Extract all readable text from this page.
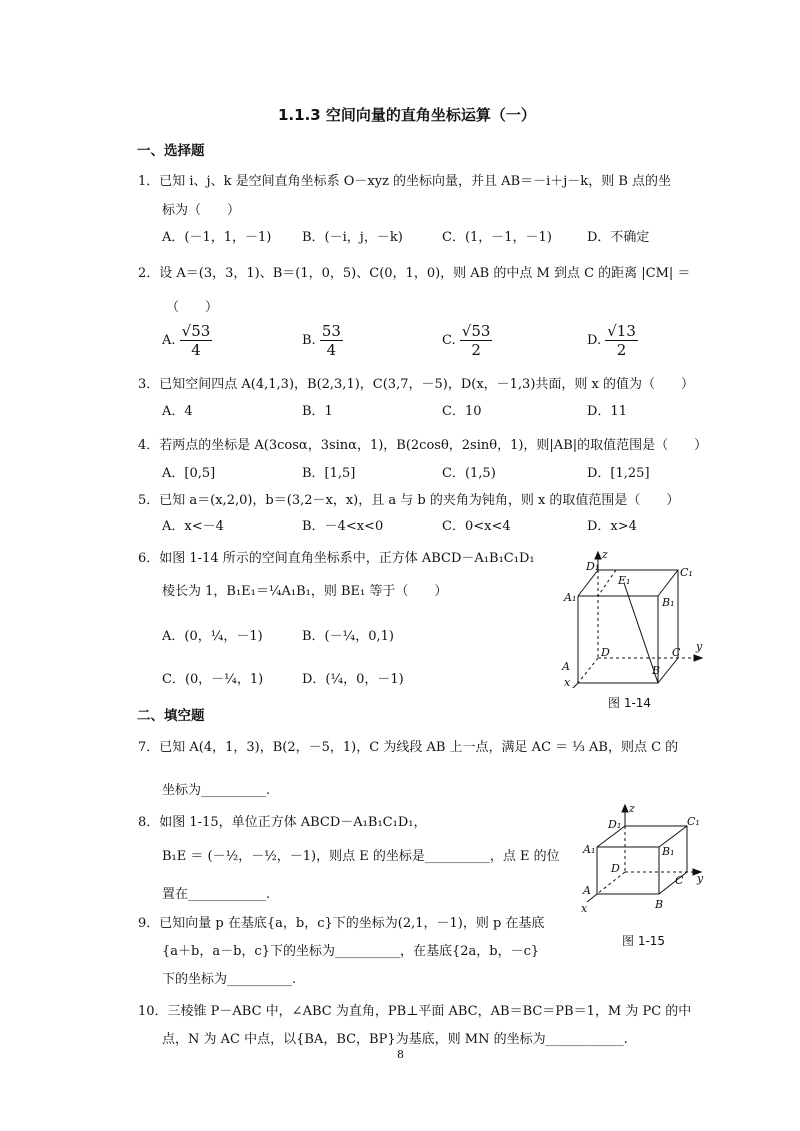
1.1.3 空间向量的直角坐标运算（一）
一、选择题
1．已知 i、j、k 是空间直角坐标系 O－xyz 的坐标向量，并且 AB＝－i＋j－k，则 B 点的坐
标为（　　）
A．(－1，1，－1) B．(－i，j，－k)	C．(1，－1，－1)	D．不确定
2．设 A＝(3，3，1)、B＝(1，0，5)、C(0，1，0)，则 AB 的中点 M 到点 C 的距离 |CM| ＝
（　　）
A. $\frac{√53}{4}$	B. $\frac{53}{4}$	C. $\frac{√53}{2}$	D. $\frac{√13}{2}$
3．已知空间四点 A(4,1,3)，B(2,3,1)，C(3,7，－5)，D(x，－1,3)共面，则 x 的值为（　　）
A．4	B．1	C．10	D．11
4．若两点的坐标是 A(3cosα，3sinα，1)，B(2cosθ，2sinθ，1)，则|AB|的取值范围是（　　）
A．[0,5]	B．[1,5]	C．(1,5)	D．[1,25]
5．已知 a＝(x,2,0)，b＝(3,2－x，x)，且 a 与 b 的夹角为钝角，则 x 的取值范围是（　　）
A．x<－4	B．－4<x<0	C．0<x<4	D．x>4
6．如图 1-14 所示的空间直角坐标系中，正方体 ABCD－A₁B₁C₁D₁
棱长为 1，B₁E₁＝¼A₁B₁，则 BE₁ 等于（　　）
A．(0，¼，－1)	B．(－¼，0,1)
C．(0，－¼，1)	D．(¼，0，－1)
z
D₁
E₁
C₁
A₁	B₁
D	y
C
A	B
x
图 1-14
二、填空题
7．已知 A(4，1，3)，B(2，－5，1)，C 为线段 AB 上一点，满足 AC ＝ ⅓ AB，则点 C 的
坐标为__________.
8．如图 1-15，单位正方体 ABCD－A₁B₁C₁D₁，
B₁E ＝ (－½，－½，－1)，则点 E 的坐标是__________，点 E 的位
置在____________.
z
D₁	C₁
A₁	B₁
D
y
C
A
B
x
图 1-15
9．已知向量 p 在基底{a，b，c}下的坐标为(2,1，－1)，则 p 在基底
{a＋b，a－b，c}下的坐标为__________，在基底{2a，b，－c}
下的坐标为__________.
10．三棱锥 P－ABC 中，∠ABC 为直角，PB⊥平面 ABC，AB＝BC＝PB＝1，M 为 PC 的中
点，N 为 AC 中点，以{BA，BC，BP}为基底，则 MN 的坐标为____________.
8
